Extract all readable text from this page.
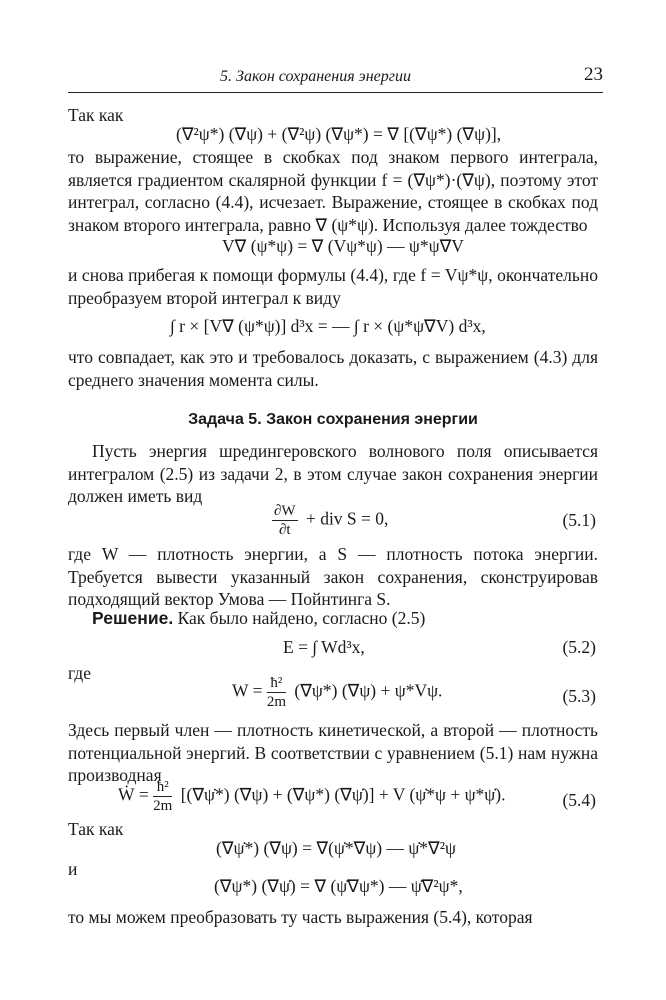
5. Закон сохранения энергии	23
Так как
(∇²ψ*) (∇ψ) + (∇²ψ) (∇ψ*) = ∇ [(∇ψ*) (∇ψ)],
то выражение, стоящее в скобках под знаком первого интеграла, является градиентом скалярной функции f = (∇ψ*)·(∇ψ), поэтому этот интеграл, согласно (4.4), исчезает. Выражение, стоящее в скобках под знаком второго интеграла, равно ∇ (ψ*ψ). Используя далее тождество
V∇ (ψ*ψ) = ∇ (Vψ*ψ) — ψ*ψ∇V
и снова прибегая к помощи формулы (4.4), где f = Vψ*ψ, окончательно преобразуем второй интеграл к виду
∫ r × [V∇ (ψ*ψ)] d³x = — ∫ r × (ψ*ψ∇V) d³x,
что совпадает, как это и требовалось доказать, с выражением (4.3) для среднего значения момента силы.
Задача 5. Закон сохранения энергии
Пусть энергия шредингеровского волнового поля описывается интегралом (2.5) из задачи 2, в этом случае закон сохранения энергии должен иметь вид
$\frac{\partial W}{\partial t}$ + div S = 0,	(5.1)
где W — плотность энергии, а S — плотность потока энергии. Требуется вывести указанный закон сохранения, сконструировав подходящий вектор Умова — Пойнтинга S.
Решение. Как было найдено, согласно (2.5)
E = ∫ Wd³x,	(5.2)
где
$W = \frac{\text{ħ²}}{2m} (\nabla\psi*) (\nabla\psi) + \psi*V\psi$.	(5.3)
Здесь первый член — плотность кинетической, а второй — плотность потенциальной энергий. В соответствии с уравнением (5.1) нам нужна производная
Ẇ = $\frac{\text{ħ²}}{2m}$ [(∇ψ̇*) (∇ψ) + (∇ψ*) (∇ψ̇)] + V (ψ̇*ψ + ψ*ψ̇).	(5.4)
Так как
(∇ψ̇*) (∇ψ) = ∇(ψ̇*∇ψ) — ψ̇*∇²ψ
и
(∇ψ*) (∇ψ̇) = ∇ (ψ̇∇ψ*) — ψ̇∇²ψ*,
то мы можем преобразовать ту часть выражения (5.4), которая
